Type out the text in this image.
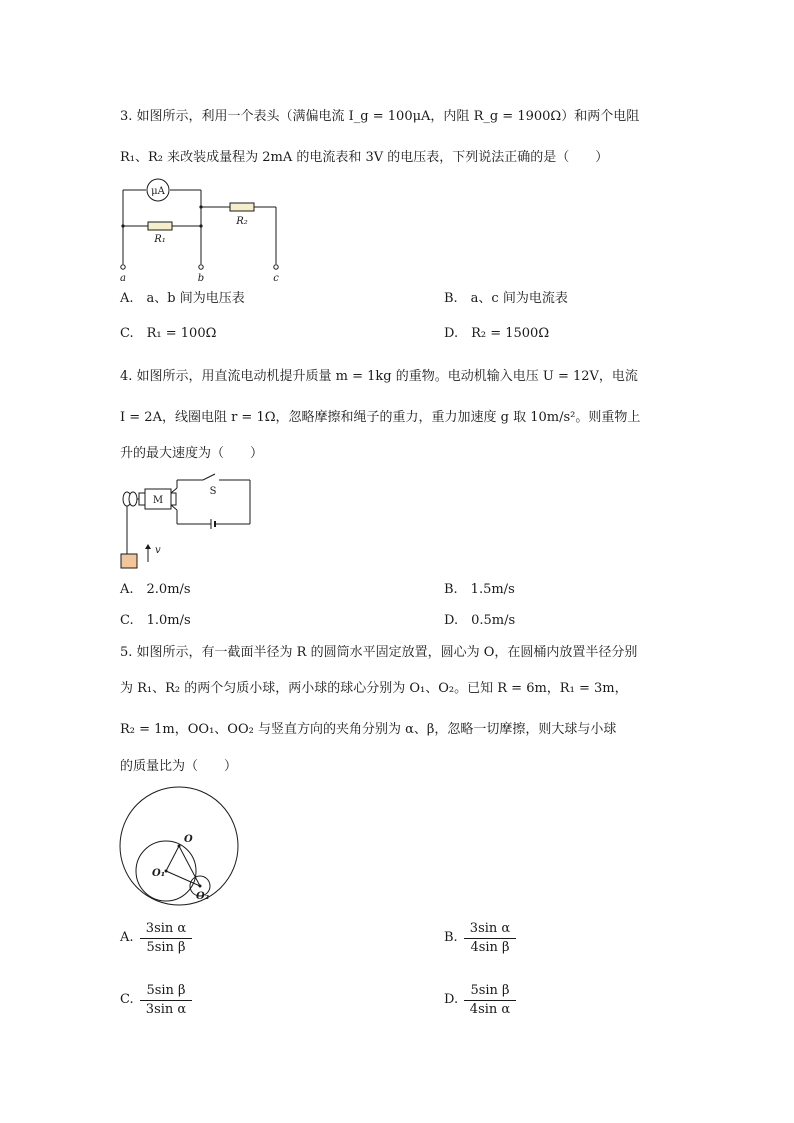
3. 如图所示，利用一个表头（满偏电流 I_g = 100μA，内阻 R_g = 1900Ω）和两个电阻
R₁、R₂ 来改装成量程为 2mA 的电流表和 3V 的电压表，下列说法正确的是（　　）
μA
R₁
R₂
a	b	c
A.　a、b 间为电压表	B.　a、c 间为电流表
C.　R₁ = 100Ω	D.　R₂ = 1500Ω
4. 如图所示，用直流电动机提升质量 m = 1kg 的重物。电动机输入电压 U = 12V，电流
I = 2A，线圈电阻 r = 1Ω，忽略摩擦和绳子的重力，重力加速度 g 取 10m/s²。则重物上
升的最大速度为（　　）
M
S
v
A.　2.0m/s	B.　1.5m/s
C.　1.0m/s	D.　0.5m/s
5. 如图所示，有一截面半径为 R 的圆筒水平固定放置，圆心为 O，在圆桶内放置半径分别
为 R₁、R₂ 的两个匀质小球，两小球的球心分别为 O₁、O₂。已知 R = 6m，R₁ = 3m，
R₂ = 1m，OO₁、OO₂ 与竖直方向的夹角分别为 α、β，忽略一切摩擦，则大球与小球
的质量比为（　　）
O
O₁
O₂
A. $\frac{\text{3sin α}}{\text{5sin β}}$	B. $\frac{\text{3sin α}}{\text{4sin β}}$
C. $\frac{\text{5sin β}}{\text{3sin α}}$	D. $\frac{\text{5sin β}}{\text{4sin α}}$
